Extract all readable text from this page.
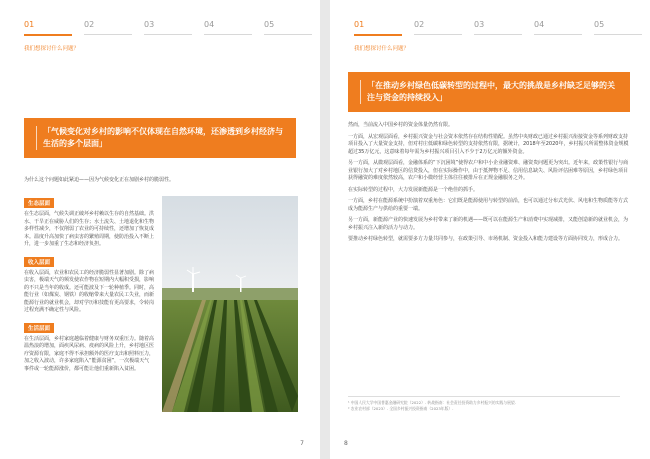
01	02	03	04	05
我们想探讨什么问题？
「气候变化对乡村的影响不仅体现在自然环境，还渗透到乡村经济与生活的多个层面」
为什么这个问题如此紧迫——因为气候变化正在加剧乡村的脆弱性。
生态层面
在生态层面，气候失调正破坏乡村赖以生存的自然基础。洪水、干旱正在威胁人们的生存；水土流失、土地退化和生物多样性减少，不仅削弱了农业的可持续性，还增加了恢复成本。温度升高加快了病虫害的繁殖周期，使防治投入不断上升，进一步加重了生态和经济负担。
收入层面
在收入层面，农业和农民工的经济脆弱性显著加剧。除了病虫害，极端天气的频发使农作物在短期内大幅积受损，影响的不只是当年的收成。还可能波及下一轮种植季。同时，高能行业（如煤炭、钢铁）的收缩带来大量农民工失业，而新能源行业的就业机会，却对学历和技能有更高要求，令转岗过程充满不确定性与风险。
生活层面
在生活层面，乡村家庭越临着健康与财务双重压力。随着高温热浪的增加，面疾风尿病、疫病的风险上升，乡村地区医疗资源有限，家庭不得不承担额外的医疗支出和照料压力，加之收入波动，许多家庭陷入“能源贫困”，一次极端天气事件或一轮能源涨价，都可能让他们重新陷入贫困。
7
01	02	03	04	05
我们想探讨什么问题？
「在推动乡村绿色低碳转型的过程中，最大的挑战是乡村缺乏足够的关注与资金的持续投入」
然而，当前流入中国乡村的资金体量仍然有限。
一方面，从宏观层面看，乡村振兴资金与社会资本依然存在结构性错配。虽然中央财政已通过乡村振兴衔接资金等系列财政支持项目投入了大量资金支持，但对村庄低碳和绿色转型的支持依然有限，据统计，2018年至2020年，乡村振兴所需整体资金规模超过35万亿元，这意味着每年需为乡村振兴项目引入不少于2万亿元的额外资金。
另一方面，从微观层面看，金融体系的“下沉困境”使得农户和中小企业融资难、融资贵问题更为突出。近年来，政策性银行与商业银行加大了对乡村地区的信贷投入，但在实际操作中，由于抵押物不足、信用信息缺失、风险评估困难等原因，乡村绿色项目获得融资的难度依然较高，农户和小微经营主体往往被排斥在正规金融服务之外。
在实际转型的过程中，大力发展新能源是一个绝佳的抓手。
一方面，乡村在能源系统中扮演着双重角色：它们既是能源使用与转型的前沿，也可以通过分布式光伏、风电和生物质能等方式成为能源生产与供给的重要一端。
另一方面，新能源产业的快速发展为乡村带来了新的机遇——既可以在能源生产和消费中实现减排，又能创造新的就业机会，为乡村振兴注入新的活力与动力。
要推动乡村绿色转型，就需要多方力量共同参与，在政策引导、市场机制、资金投入和能力建设等方面协同发力，形成合力。
¹ 中国人民大学中国普惠金融研究院（2022）. 转战指南：社会责任投资助力乡村振兴的实践与展望.
² 农业农村部（2023）. 全国乡村振兴投资指南（2023年版）.
8
